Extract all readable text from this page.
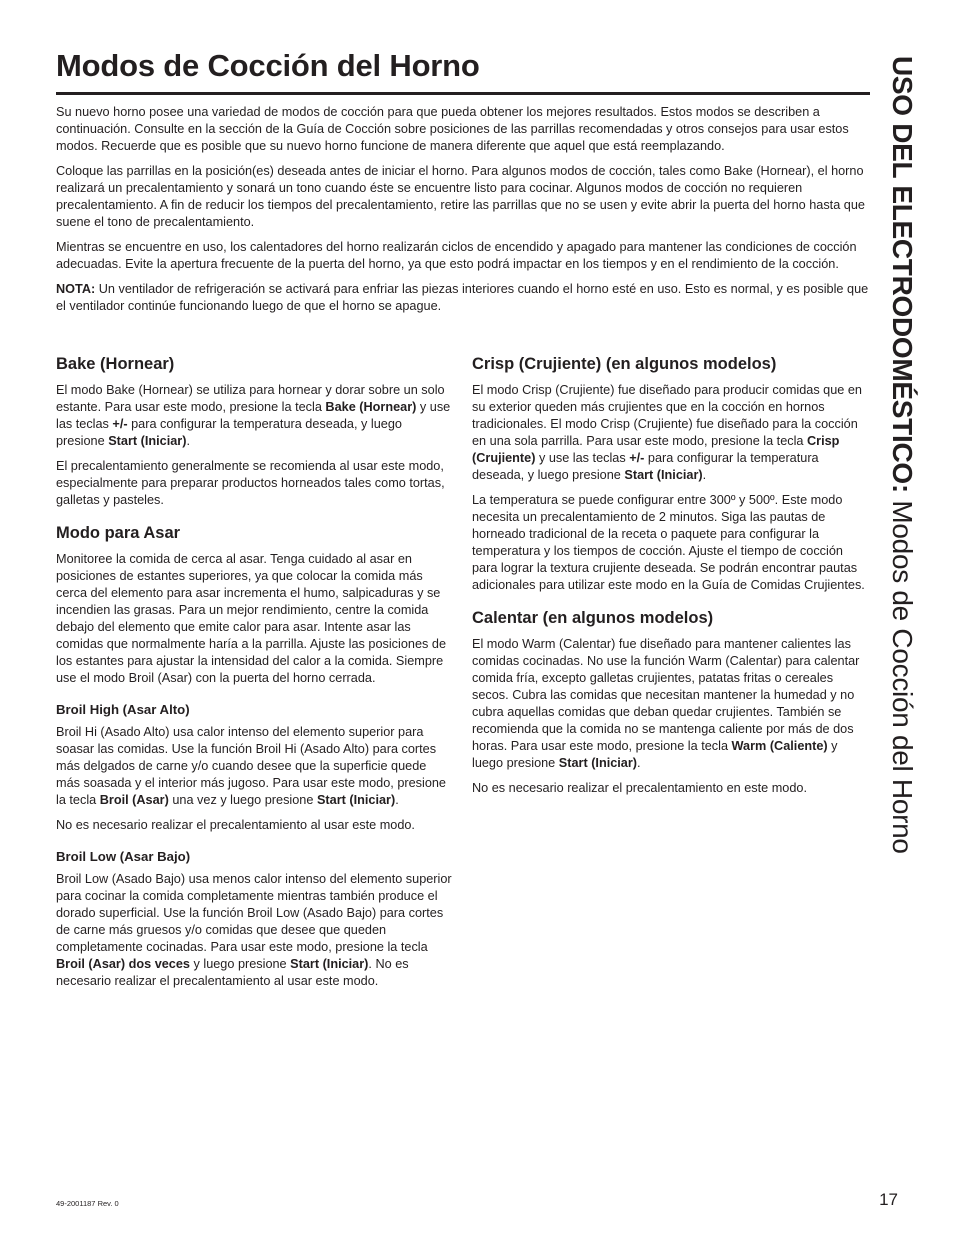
Modos de Cocción del Horno

Su nuevo horno posee una variedad de modos de cocción para que pueda obtener los mejores resultados. Estos modos se describen a continuación. Consulte en la sección de la Guía de Cocción sobre posiciones de las parrillas recomendadas y otros consejos para usar estos modos. Recuerde que es posible que su nuevo horno funcione de manera diferente que aquel que está reemplazando.

Coloque las parrillas en la posición(es) deseada antes de iniciar el horno. Para algunos modos de cocción, tales como Bake (Hornear), el horno realizará un precalentamiento y sonará un tono cuando éste se encuentre listo para cocinar. Algunos modos de cocción no requieren precalentamiento. A fin de reducir los tiempos del precalentamiento, retire las parrillas que no se usen y evite abrir la puerta del horno hasta que suene el tono de precalentamiento.

Mientras se encuentre en uso, los calentadores del horno realizarán ciclos de encendido y apagado para mantener las condiciones de cocción adecuadas. Evite la apertura frecuente de la puerta del horno, ya que esto podrá impactar en los tiempos y en el rendimiento de la cocción.

NOTA: Un ventilador de refrigeración se activará para enfriar las piezas interiores cuando el horno esté en uso. Esto es normal, y es posible que el ventilador continúe funcionando luego de que el horno se apague.

Bake (Hornear)

El modo Bake (Hornear) se utiliza para hornear y dorar sobre un solo estante. Para usar este modo, presione la tecla Bake (Hornear) y use las teclas +/- para configurar la temperatura deseada, y luego presione Start (Iniciar).

El precalentamiento generalmente se recomienda al usar este modo, especialmente para preparar productos horneados tales como tortas, galletas y pasteles.

Modo para Asar

Monitoree la comida de cerca al asar. Tenga cuidado al asar en posiciones de estantes superiores, ya que colocar la comida más cerca del elemento para asar incrementa el humo, salpicaduras y se incendien las grasas. Para un mejor rendimiento, centre la comida debajo del elemento que emite calor para asar. Intente asar las comidas que normalmente haría a la parrilla. Ajuste las posiciones de los estantes para ajustar la intensidad del calor a la comida. Siempre use el modo Broil (Asar) con la puerta del horno cerrada.

Broil High (Asar Alto)

Broil Hi (Asado Alto) usa calor intenso del elemento superior para soasar las comidas. Use la función Broil Hi (Asado Alto) para cortes más delgados de carne y/o cuando desee que la superficie quede más soasada y el interior más jugoso. Para usar este modo, presione la tecla Broil (Asar) una vez y luego presione Start (Iniciar).

No es necesario realizar el precalentamiento al usar este modo.

Broil Low (Asar Bajo)

Broil Low (Asado Bajo) usa menos calor intenso del elemento superior para cocinar la comida completamente mientras también produce el dorado superficial. Use la función Broil Low (Asado Bajo) para cortes de carne más gruesos y/o comidas que desee que queden completamente cocinadas. Para usar este modo, presione la tecla Broil (Asar) dos veces y luego presione Start (Iniciar). No es necesario realizar el precalentamiento al usar este modo.

Crisp (Crujiente) (en algunos modelos)

El modo Crisp (Crujiente) fue diseñado para producir comidas que en su exterior queden más crujientes que en la cocción en hornos tradicionales. El modo Crisp (Crujiente) fue diseñado para la cocción en una sola parrilla. Para usar este modo, presione la tecla Crisp (Crujiente) y use las teclas +/- para configurar la temperatura deseada, y luego presione Start (Iniciar).

La temperatura se puede configurar entre 300º y 500º. Este modo necesita un precalentamiento de 2 minutos. Siga las pautas de horneado tradicional de la receta o paquete para configurar la temperatura y los tiempos de cocción. Ajuste el tiempo de cocción para lograr la textura crujiente deseada. Se podrán encontrar pautas adicionales para utilizar este modo en la Guía de Comidas Crujientes.

Calentar (en algunos modelos)

El modo Warm (Calentar) fue diseñado para mantener calientes las comidas cocinadas. No use la función Warm (Calentar) para calentar comida fría, excepto galletas crujientes, patatas fritas o cereales secos. Cubra las comidas que necesitan mantener la humedad y no cubra aquellas comidas que deban quedar crujientes. También se recomienda que la comida no se mantenga caliente por más de dos horas. Para usar este modo, presione la tecla Warm (Caliente) y luego presione Start (Iniciar).

No es necesario realizar el precalentamiento en este modo.

USO DEL ELECTRODOMÉSTICO: Modos de Cocción del Horno
49-2001187 Rev. 0	17
